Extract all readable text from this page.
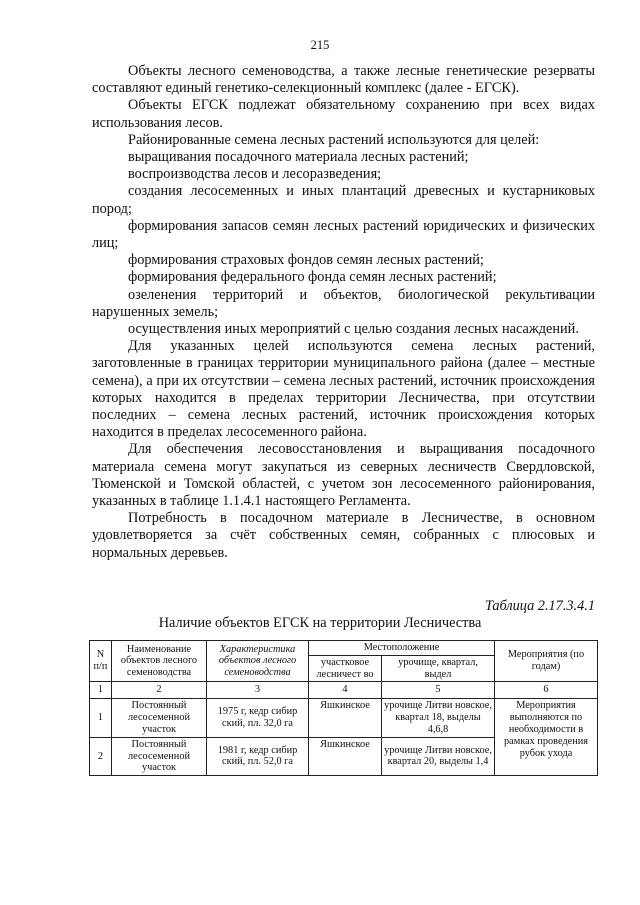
215

Объекты лесного семеноводства, а также лесные генетические резерваты составляют единый генетико-селекционный комплекс (далее - ЕГСК).

Объекты ЕГСК подлежат обязательному сохранению при всех видах использования лесов.

Районированные семена лесных растений используются для целей:

выращивания посадочного материала лесных растений;

воспроизводства лесов и лесоразведения;

создания лесосеменных и иных плантаций древесных и кустарниковых пород;

формирования запасов семян лесных растений юридических и физических лиц;

формирования страховых фондов семян лесных растений;

формирования федерального фонда семян лесных растений;

озеленения территорий и объектов, биологической рекультивации нарушенных земель;

осуществления иных мероприятий с целью создания лесных насаждений.

Для указанных целей используются семена лесных растений, заготовленные в границах территории муниципального района (далее – местные семена), а при их отсутствии – семена лесных растений, источник происхождения которых находится в пределах территории Лесничества, при отсутствии последних – семена лесных растений, источник происхождения которых находится в пределах лесосеменного района.

Для обеспечения лесовосстановления и выращивания посадочного материала семена могут закупаться из северных лесничеств Свердловской, Тюменской и Томской областей, с учетом зон лесосеменного районирования, указанных в таблице 1.1.4.1 настоящего Регламента.

Потребность в посадочном материале в Лесничестве, в основном удовлетворяется за счёт собственных семян, собранных с плюсовых и нормальных деревьев.

Таблица 2.17.3.4.1
Наличие объектов ЕГСК на территории Лесничества
N п/п	Наименование объектов лесного семеноводства	Характеристика объектов лесного семеноводства	Местоположение		Мероприятия (по годам)
			участковое лесничест во	урочище, квартал, выдел	
1	2	3	4	5	6
1	Постоянный лесосеменной участок	1975 г, кедр сибир ский, пл. 32,0 га	Яшкинское	урочище Литви новское, квартал 18, выделы 4,6,8	Мероприятия выполняются по необходимости в рамках проведения рубок ухода
2	Постоянный лесосеменной участок	1981 г, кедр сибир ский, пл. 52,0 га	Яшкинское	урочище Литви новское, квартал 20, выделы 1,4	
